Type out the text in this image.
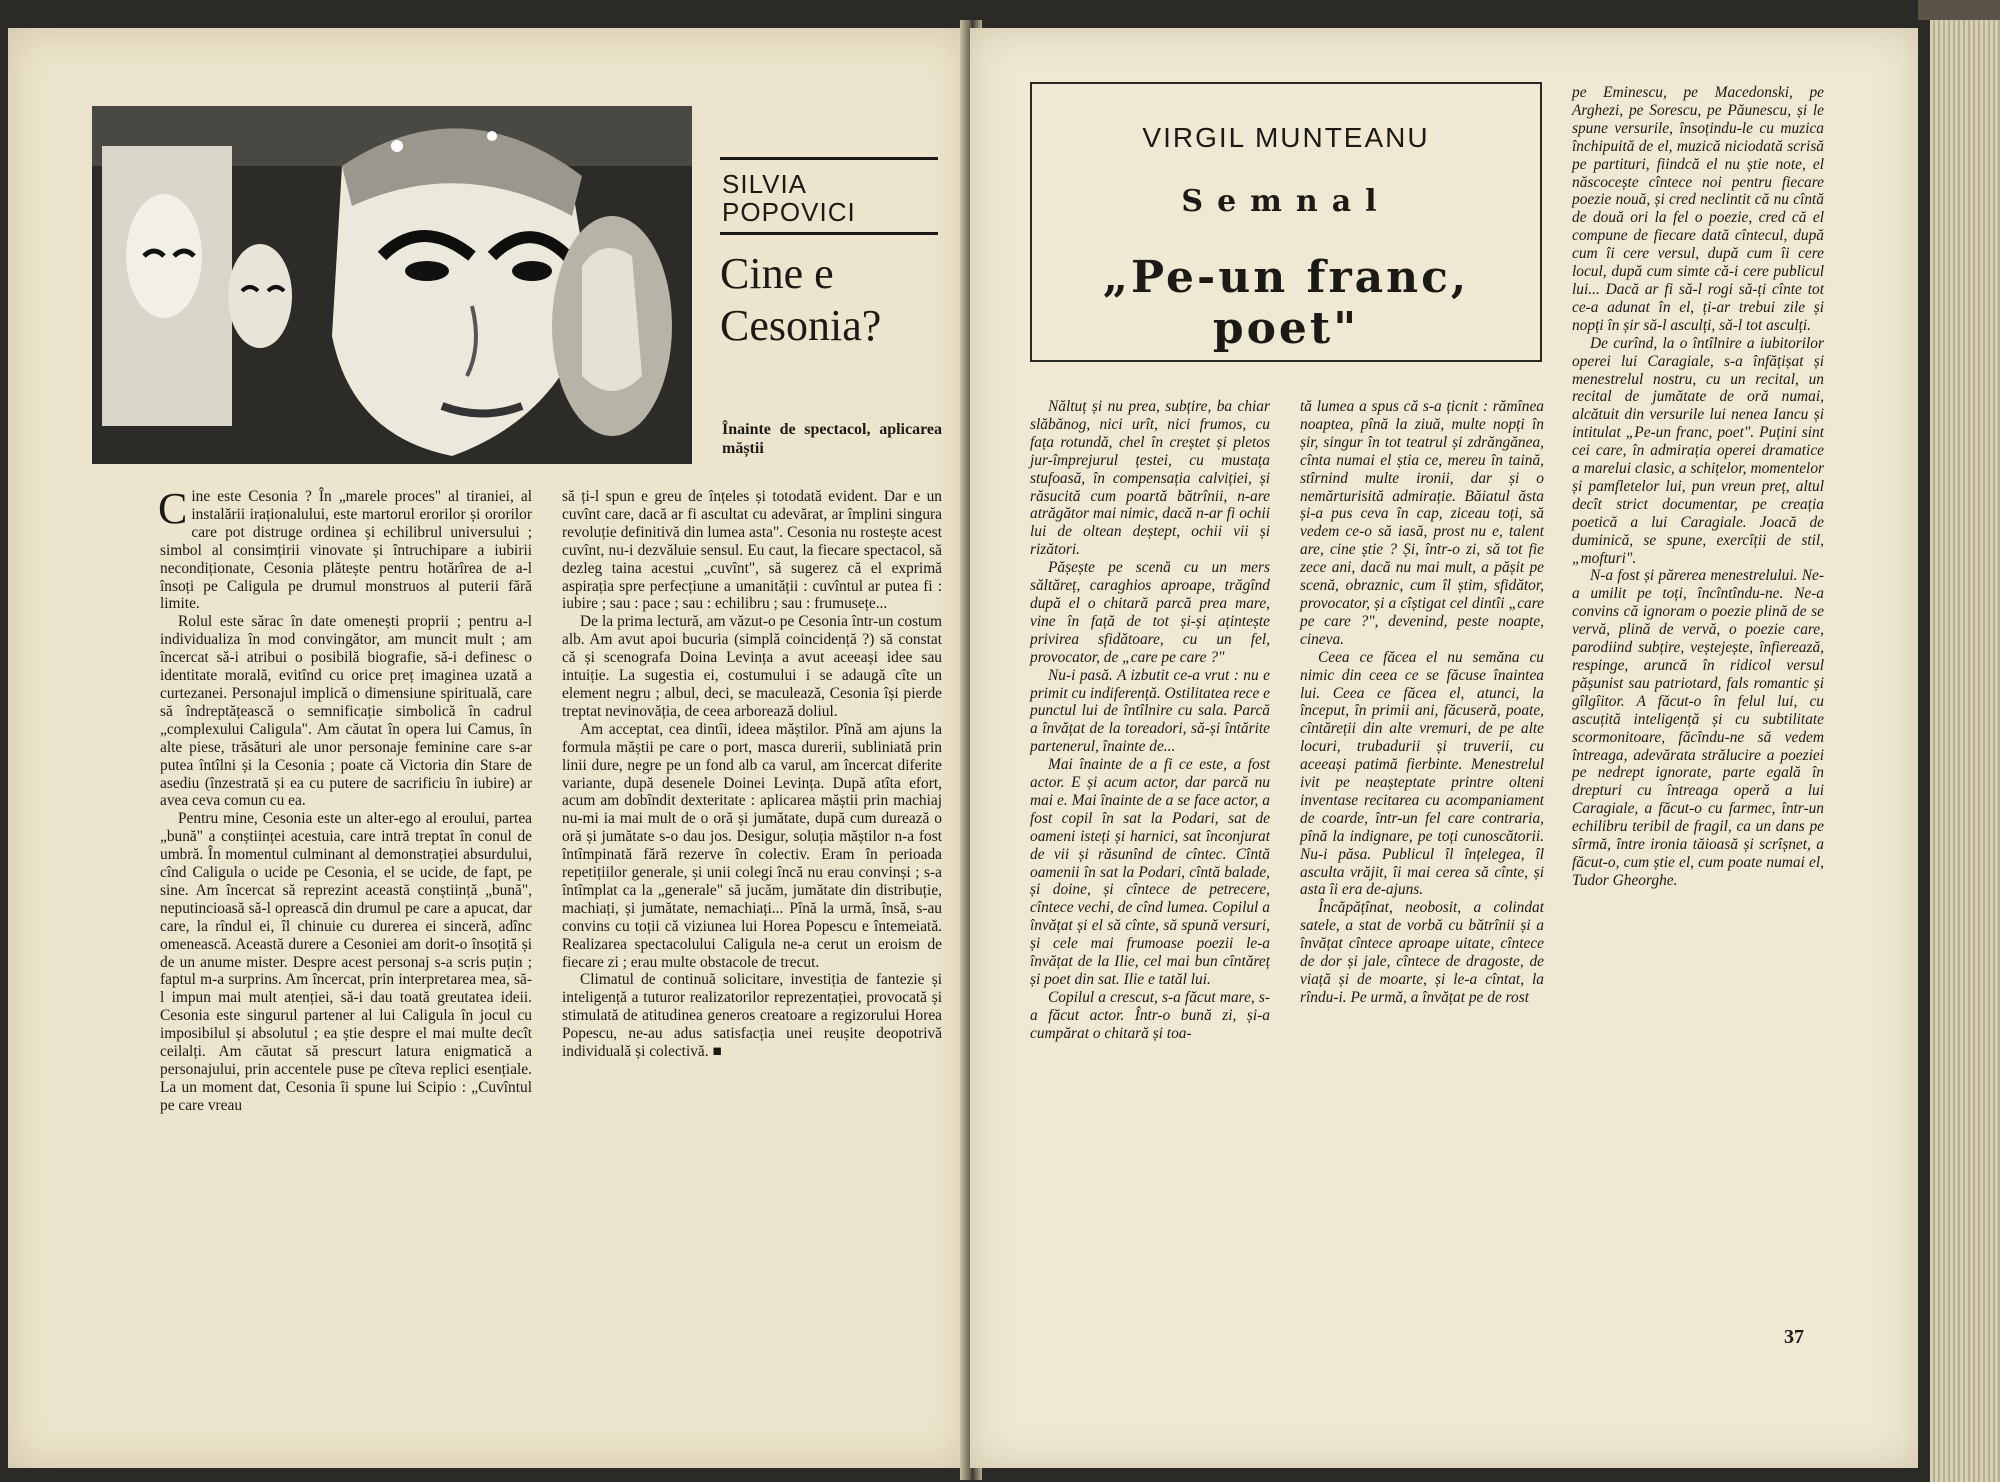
SILVIA
POPOVICI
Cine e
Cesonia?
Înainte de spectacol, aplicarea măștii

Cine este Cesonia ? În „marele proces" al tiraniei, al instalării iraționalului, este martorul erorilor și ororilor care pot distruge ordinea și echilibrul universului ; simbol al consimțirii vinovate și întruchipare a iubirii necondiționate, Cesonia plătește pentru hotărîrea de a-l însoți pe Caligula pe drumul monstruos al puterii fără limite.

Rolul este sărac în date omenești proprii ; pentru a-l individualiza în mod convingător, am muncit mult ; am încercat să-i atribui o posibilă biografie, să-i definesc o identitate morală, evitînd cu orice preț imaginea uzată a curtezanei. Personajul implică o dimensiune spirituală, care să îndreptățească o semnificație simbolică în cadrul „complexului Caligula". Am căutat în opera lui Camus, în alte piese, trăsături ale unor personaje feminine care s-ar putea întîlni și la Cesonia ; poate că Victoria din Stare de asediu (înzestrată și ea cu putere de sacrificiu în iubire) ar avea ceva comun cu ea.

Pentru mine, Cesonia este un alter-ego al eroului, partea „bună" a conștiinței acestuia, care intră treptat în conul de umbră. În momentul culminant al demonstrației absurdului, cînd Caligula o ucide pe Cesonia, el se ucide, de fapt, pe sine. Am încercat să reprezint această conștiință „bună", neputincioasă să-l oprească din drumul pe care a apucat, dar care, la rîndul ei, îl chinuie cu durerea ei sinceră, adînc omenească. Această durere a Cesoniei am dorit-o însoțită și de un anume mister. Despre acest personaj s-a scris puțin ; faptul m-a surprins. Am încercat, prin interpretarea mea, să-l impun mai mult atenției, să-i dau toată greutatea ideii. Cesonia este singurul partener al lui Caligula în jocul cu imposibilul și absolutul ; ea știe despre el mai multe decît ceilalți. Am căutat să prescurt latura enigmatică a personajului, prin accentele puse pe cîteva replici esențiale. La un moment dat, Cesonia îi spune lui Scipio : „Cuvîntul pe care vreau

să ți-l spun e greu de înțeles și totodată evident. Dar e un cuvînt care, dacă ar fi ascultat cu adevărat, ar împlini singura revoluție definitivă din lumea asta". Cesonia nu rostește acest cuvînt, nu-i dezvăluie sensul. Eu caut, la fiecare spectacol, să dezleg taina acestui „cuvînt", să sugerez că el exprimă aspirația spre perfecțiune a umanității : cuvîntul ar putea fi : iubire ; sau : pace ; sau : echilibru ; sau : frumusețe...

De la prima lectură, am văzut-o pe Cesonia într-un costum alb. Am avut apoi bucuria (simplă coincidență ?) să constat că și scenografa Doina Levința a avut aceeași idee sau intuiție. La sugestia ei, costumului i se adaugă cîte un element negru ; albul, deci, se maculează, Cesonia își pierde treptat nevinovăția, de ceea arborează doliul.

Am acceptat, cea dintîi, ideea măștilor. Pînă am ajuns la formula măștii pe care o port, masca durerii, subliniată prin linii dure, negre pe un fond alb ca varul, am încercat diferite variante, după desenele Doinei Levința. După atîta efort, acum am dobîndit dexteritate : aplicarea măștii prin machiaj nu-mi ia mai mult de o oră și jumătate, după cum durează o oră și jumătate s-o dau jos. Desigur, soluția măștilor n-a fost întîmpinată fără rezerve în colectiv. Eram în perioada repetițiilor generale, și unii colegi încă nu erau convinși ; s-a întîmplat ca la „generale" să jucăm, jumătate din distribuție, machiați, și jumătate, nemachiați... Pînă la urmă, însă, s-au convins cu toții că viziunea lui Horea Popescu e întemeiată. Realizarea spectacolului Caligula ne-a cerut un eroism de fiecare zi ; erau multe obstacole de trecut.

Climatul de continuă solicitare, investiția de fantezie și inteligență a tuturor realizatorilor reprezentației, provocată și stimulată de atitudinea generos creatoare a regizorului Horea Popescu, ne-au adus satisfacția unei reușite deopotrivă individuală și colectivă. ■

VIRGIL MUNTEANU
Semnal
„Pe-un franc, poet"

Năltuț și nu prea, subțire, ba chiar slăbănog, nici urît, nici frumos, cu fața rotundă, chel în creștet și pletos jur-împrejurul țestei, cu mustața stufoasă, în compensația calviției, și răsucită cum poartă bătrînii, n-are atrăgător mai nimic, dacă n-ar fi ochii lui de oltean deștept, ochii vii și rizători.

Pășește pe scenă cu un mers săltăreț, caraghios aproape, trăgînd după el o chitară parcă prea mare, vine în față de tot și-și ațintește privirea sfidătoare, cu un fel, provocator, de „care pe care ?"

Nu-i pasă. A izbutit ce-a vrut : nu e primit cu indiferență. Ostilitatea rece e punctul lui de întîlnire cu sala. Parcă a învățat de la toreadori, să-și întărite partenerul, înainte de...

Mai înainte de a fi ce este, a fost actor. E și acum actor, dar parcă nu mai e. Mai înainte de a se face actor, a fost copil în sat la Podari, sat de oameni isteți și harnici, sat înconjurat de vii și răsunînd de cîntec. Cîntă oamenii în sat la Podari, cîntă balade, și doine, și cîntece de petrecere, cîntece vechi, de cînd lumea. Copilul a învățat și el să cînte, să spună versuri, și cele mai frumoase poezii le-a învățat de la Ilie, cel mai bun cîntăreț și poet din sat. Ilie e tatăl lui.

Copilul a crescut, s-a făcut mare, s-a făcut actor. Într-o bună zi, și-a cumpărat o chitară și toa-

tă lumea a spus că s-a țicnit : rămînea noaptea, pînă la ziuă, multe nopți în șir, singur în tot teatrul și zdrăngănea, cînta numai el știa ce, mereu în taină, stîrnind multe ironii, dar și o nemărturisită admirație. Băiatul ăsta și-a pus ceva în cap, ziceau toți, să vedem ce-o să iasă, prost nu e, talent are, cine știe ? Și, într-o zi, să tot fie zece ani, dacă nu mai mult, a pășit pe scenă, obraznic, cum îl știm, sfidător, provocator, și a cîștigat cel dintîi „care pe care ?", devenind, peste noapte, cineva.

Ceea ce făcea el nu semăna cu nimic din ceea ce se făcuse înaintea lui. Ceea ce făcea el, atunci, la început, în primii ani, făcuseră, poate, cîntăreții din alte vremuri, de pe alte locuri, trubadurii și truverii, cu aceeași patimă fierbinte. Menestrelul ivit pe neașteptate printre olteni inventase recitarea cu acompaniament de coarde, într-un fel care contraria, pînă la indignare, pe toți cunoscătorii. Nu-i păsa. Publicul îl înțelegea, îl asculta vrăjit, îi mai cerea să cînte, și asta îi era de-ajuns.

Încăpățînat, neobosit, a colindat satele, a stat de vorbă cu bătrînii și a învățat cîntece aproape uitate, cîntece de dor și jale, cîntece de dragoste, de viață și de moarte, și le-a cîntat, la rîndu-i. Pe urmă, a învățat pe de rost

pe Eminescu, pe Macedonski, pe Arghezi, pe Sorescu, pe Păunescu, și le spune versurile, însoțindu-le cu muzica închipuită de el, muzică niciodată scrisă pe partituri, fiindcă el nu știe note, el născocește cîntece noi pentru fiecare poezie nouă, și cred neclintit că nu cîntă de două ori la fel o poezie, cred că el compune de fiecare dată cîntecul, după cum îi cere versul, după cum îi cere locul, după cum simte că-i cere publicul lui... Dacă ar fi să-l rogi să-ți cînte tot ce-a adunat în el, ți-ar trebui zile și nopți în șir să-l asculți, să-l tot asculți.

De curînd, la o întîlnire a iubitorilor operei lui Caragiale, s-a înfățișat și menestrelul nostru, cu un recital, un recital de jumătate de oră numai, alcătuit din versurile lui nenea Iancu și intitulat „Pe-un franc, poet". Puțini sint cei care, în admirația operei dramatice a marelui clasic, a schițelor, momentelor și pamfletelor lui, pun vreun preț, altul decît strict documentar, pe creația poetică a lui Caragiale. Joacă de duminică, se spune, exercîții de stil, „mofturi".

N-a fost și părerea menestrelului. Ne-a umilit pe toți, încîntîndu-ne. Ne-a convins că ignoram o poezie plină de se vervă, plină de vervă, o poezie care, parodiind subțire, veștejește, înfierează, respinge, aruncă în ridicol versul pășunist sau patriotard, fals romantic și gîlgîitor. A făcut-o în felul lui, cu ascuțită inteligență și cu subtilitate scormonitoare, făcîndu-ne să vedem întreaga, adevărata strălucire a poeziei pe nedrept ignorate, parte egală în drepturi cu întreaga operă a lui Caragiale, a făcut-o cu farmec, într-un echilibru teribil de fragil, ca un dans pe sîrmă, între ironia tăioasă și scrîșnet, a făcut-o, cum știe el, cum poate numai el, Tudor Gheorghe.

37
